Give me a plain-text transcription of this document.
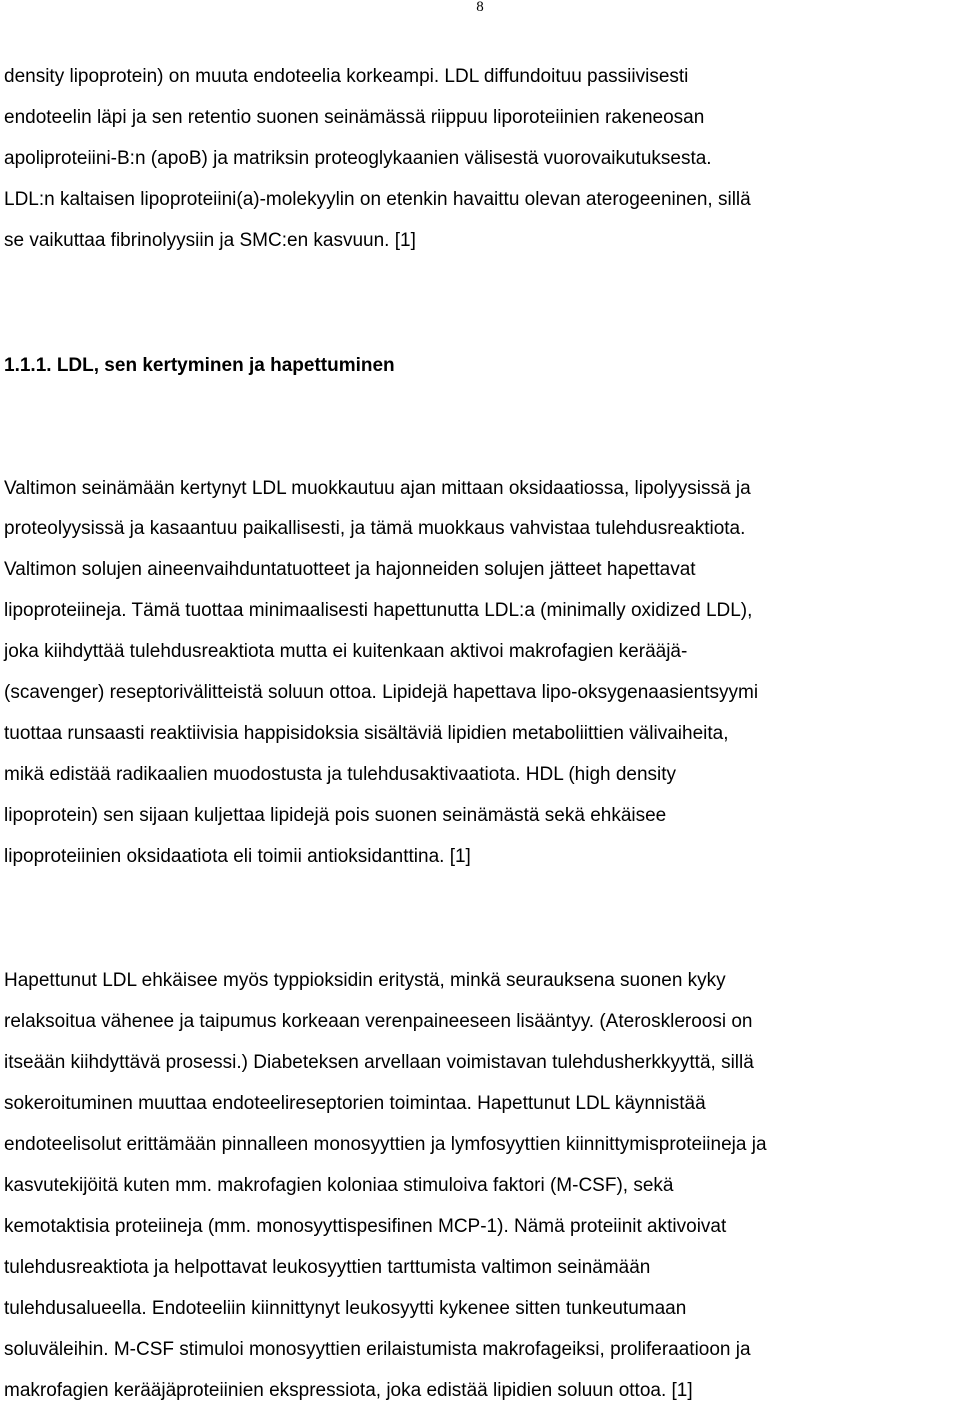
8
density lipoprotein) on muuta endoteelia korkeampi. LDL diffundoituu passiivisesti
endoteelin läpi ja sen retentio suonen seinämässä riippuu liporoteiinien rakeneosan
apoliproteiini-B:n (apoB) ja matriksin proteoglykaanien välisestä vuorovaikutuksesta.
LDL:n kaltaisen lipoproteiini(a)-molekyylin on etenkin havaittu olevan aterogeeninen, sillä
se vaikuttaa fibrinolyysiin ja SMC:en kasvuun. [1]
1.1.1. LDL, sen kertyminen ja hapettuminen
Valtimon seinämään kertynyt LDL muokkautuu ajan mittaan oksidaatiossa, lipolyysissä ja
proteolyysissä ja kasaantuu paikallisesti, ja tämä muokkaus vahvistaa tulehdusreaktiota.
Valtimon solujen aineenvaihduntatuotteet ja hajonneiden solujen jätteet hapettavat
lipoproteiineja. Tämä tuottaa minimaalisesti hapettunutta LDL:a (minimally oxidized LDL),
joka kiihdyttää tulehdusreaktiota mutta ei kuitenkaan aktivoi makrofagien kerääjä-
(scavenger) reseptorivälitteistä soluun ottoa. Lipidejä hapettava lipo-oksygenaasientsyymi
tuottaa runsaasti reaktiivisia happisidoksia sisältäviä lipidien metaboliittien välivaiheita,
mikä edistää radikaalien muodostusta ja tulehdusaktivaatiota. HDL (high density
lipoprotein) sen sijaan kuljettaa lipidejä pois suonen seinämästä sekä ehkäisee
lipoproteiinien oksidaatiota eli toimii antioksidanttina. [1]
Hapettunut LDL ehkäisee myös typpioksidin eritystä, minkä seurauksena suonen kyky
relaksoitua vähenee ja taipumus korkeaan verenpaineeseen lisääntyy. (Ateroskleroosi on
itseään kiihdyttävä prosessi.) Diabeteksen arvellaan voimistavan tulehdusherkkyyttä, sillä
sokeroituminen muuttaa endoteelireseptorien toimintaa. Hapettunut LDL käynnistää
endoteelisolut erittämään pinnalleen monosyyttien ja lymfosyyttien kiinnittymisproteiineja ja
kasvutekijöitä kuten mm. makrofagien koloniaa stimuloiva faktori (M-CSF), sekä
kemotaktisia proteiineja (mm. monosyyttispesifinen MCP-1). Nämä proteiinit aktivoivat
tulehdusreaktiota ja helpottavat leukosyyttien tarttumista valtimon seinämään
tulehdusalueella. Endoteeliin kiinnittynyt leukosyytti kykenee sitten tunkeutumaan
soluväleihin. M-CSF stimuloi monosyyttien erilaistumista makrofageiksi, proliferaatioon ja
makrofagien kerääjäproteiinien ekspressiota, joka edistää lipidien soluun ottoa. [1]
